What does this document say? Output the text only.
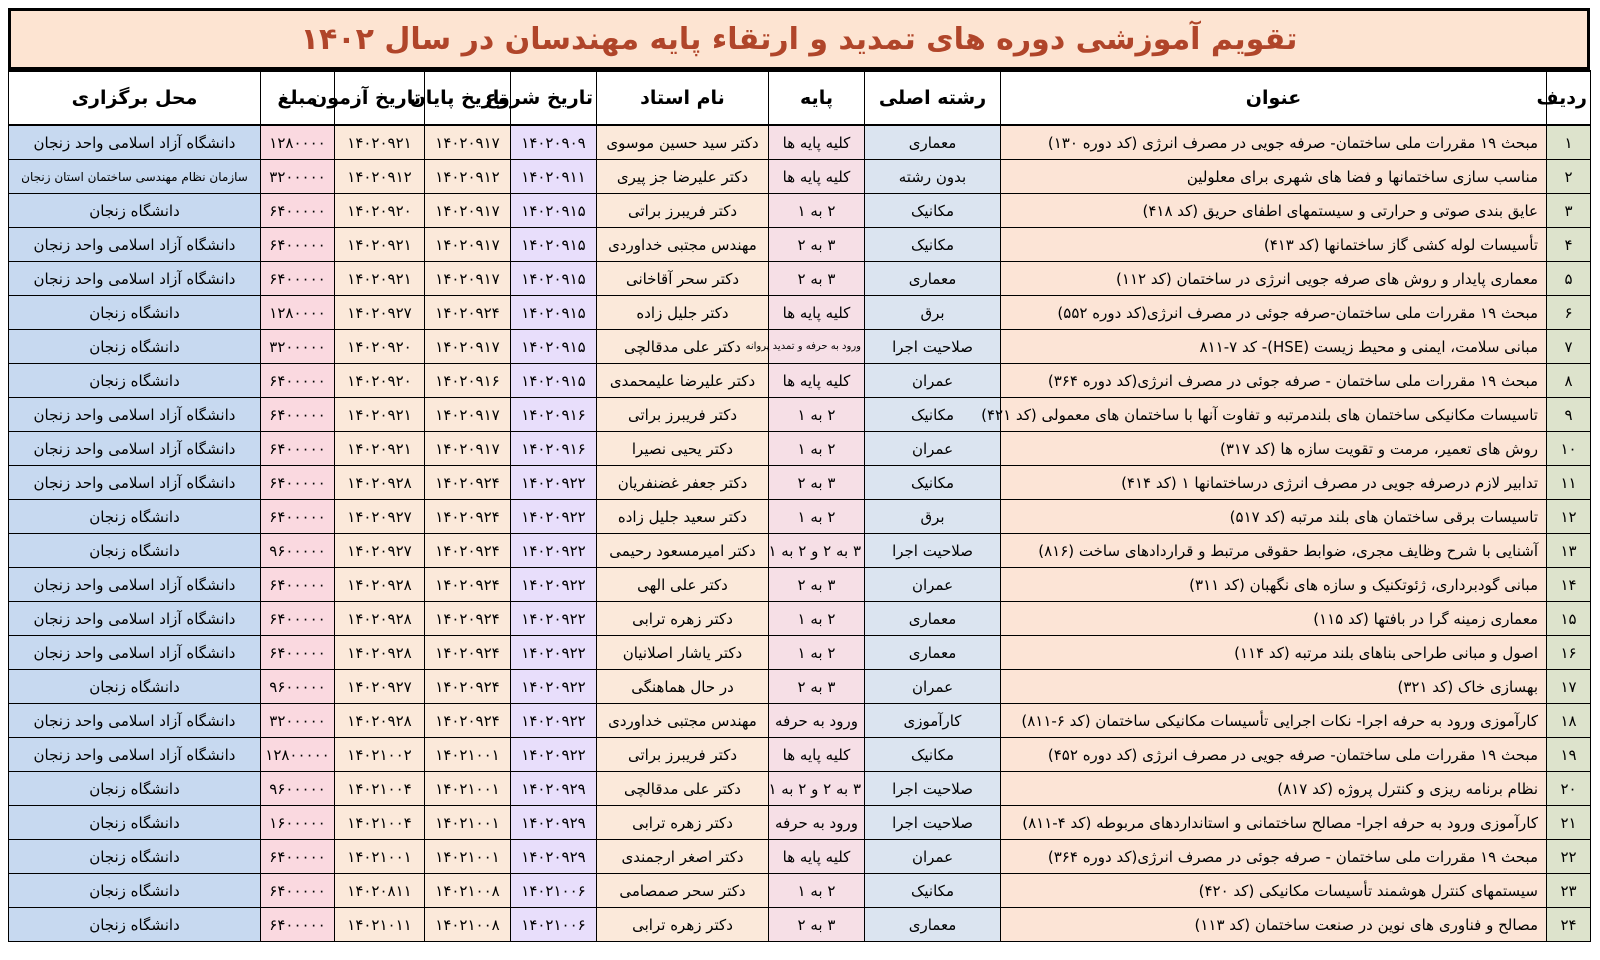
تقویم آموزشی دوره های تمدید و ارتقاء پایه مهندسان در سال ۱۴۰۲
ردیف	عنوان	رشته اصلی	پایه	نام استاد	تاریخ شروع	تاریخ پایان	تاریخ آزمون	مبلغ	محل برگزاری
۱	مبحث ۱۹ مقررات ملی ساختمان- صرفه جویی در مصرف انرژی (کد دوره ۱۳۰)	معماری	کلیه پایه ها	دکتر سید حسین موسوی	۱۴۰۲۰۹۰۹	۱۴۰۲۰۹۱۷	۱۴۰۲۰۹۲۱	۱۲۸۰۰۰۰	دانشگاه آزاد اسلامی واحد زنجان
۲	مناسب سازی ساختمانها و فضا های شهری برای معلولین	بدون رشته	کلیه پایه ها	دکتر علیرضا جز پیری	۱۴۰۲۰۹۱۱	۱۴۰۲۰۹۱۲	۱۴۰۲۰۹۱۲	۳۲۰۰۰۰۰	سازمان نظام مهندسی ساختمان استان زنجان
۳	عایق بندی صوتی و حرارتی و سیستمهای اطفای حریق (کد ۴۱۸)	مکانیک	۲ به ۱	دکتر فریبرز براتی	۱۴۰۲۰۹۱۵	۱۴۰۲۰۹۱۷	۱۴۰۲۰۹۲۰	۶۴۰۰۰۰۰	دانشگاه زنجان
۴	تأسیسات لوله کشی گاز ساختمانها (کد ۴۱۳)	مکانیک	۳ به ۲	مهندس مجتبی خداوردی	۱۴۰۲۰۹۱۵	۱۴۰۲۰۹۱۷	۱۴۰۲۰۹۲۱	۶۴۰۰۰۰۰	دانشگاه آزاد اسلامی واحد زنجان
۵	معماری پایدار و روش های صرفه جویی انرژی در ساختمان (کد ۱۱۲)	معماری	۳ به ۲	دکتر سحر آقاخانی	۱۴۰۲۰۹۱۵	۱۴۰۲۰۹۱۷	۱۴۰۲۰۹۲۱	۶۴۰۰۰۰۰	دانشگاه آزاد اسلامی واحد زنجان
۶	مبحث ۱۹ مقررات ملی ساختمان-صرفه جوئی در مصرف انرژی(کد دوره ۵۵۲)	برق	کلیه پایه ها	دکتر جلیل زاده	۱۴۰۲۰۹۱۵	۱۴۰۲۰۹۲۴	۱۴۰۲۰۹۲۷	۱۲۸۰۰۰۰	دانشگاه زنجان
۷	مبانی سلامت، ایمنی و محیط زیست (HSE)- کد ۷-۸۱۱	صلاحیت اجرا	ورود به حرفه و تمدید پروانه	دکتر علی مدقالچی	۱۴۰۲۰۹۱۵	۱۴۰۲۰۹۱۷	۱۴۰۲۰۹۲۰	۳۲۰۰۰۰۰	دانشگاه زنجان
۸	مبحث ۱۹ مقررات ملی ساختمان - صرفه جوئی در مصرف انرژی(کد دوره ۳۶۴)	عمران	کلیه پایه ها	دکتر علیرضا علیمحمدی	۱۴۰۲۰۹۱۵	۱۴۰۲۰۹۱۶	۱۴۰۲۰۹۲۰	۶۴۰۰۰۰۰	دانشگاه زنجان
۹	تاسیسات مکانیکی ساختمان های بلندمرتبه و تفاوت آنها با ساختمان های معمولی (کد ۴۲۱)	مکانیک	۲ به ۱	دکتر فریبرز براتی	۱۴۰۲۰۹۱۶	۱۴۰۲۰۹۱۷	۱۴۰۲۰۹۲۱	۶۴۰۰۰۰۰	دانشگاه آزاد اسلامی واحد زنجان
۱۰	روش های تعمیر، مرمت و تقویت سازه ها (کد ۳۱۷)	عمران	۲ به ۱	دکتر یحیی نصیرا	۱۴۰۲۰۹۱۶	۱۴۰۲۰۹۱۷	۱۴۰۲۰۹۲۱	۶۴۰۰۰۰۰	دانشگاه آزاد اسلامی واحد زنجان
۱۱	تدابیر لازم درصرفه جویی در مصرف انرژی درساختمانها ۱ (کد ۴۱۴)	مکانیک	۳ به ۲	دکتر جعفر غضنفریان	۱۴۰۲۰۹۲۲	۱۴۰۲۰۹۲۴	۱۴۰۲۰۹۲۸	۶۴۰۰۰۰۰	دانشگاه آزاد اسلامی واحد زنجان
۱۲	تاسیسات برقی ساختمان های بلند مرتبه (کد ۵۱۷)	برق	۲ به ۱	دکتر سعید جلیل زاده	۱۴۰۲۰۹۲۲	۱۴۰۲۰۹۲۴	۱۴۰۲۰۹۲۷	۶۴۰۰۰۰۰	دانشگاه زنجان
۱۳	آشنایی با شرح وظایف مجری، ضوابط حقوقی مرتبط و قراردادهای ساخت (۸۱۶)	صلاحیت اجرا	۳ به ۲ و ۲ به ۱	دکتر امیرمسعود رحیمی	۱۴۰۲۰۹۲۲	۱۴۰۲۰۹۲۴	۱۴۰۲۰۹۲۷	۹۶۰۰۰۰۰	دانشگاه زنجان
۱۴	مبانی گودبرداری، ژئوتکنیک و سازه های نگهبان (کد ۳۱۱)	عمران	۳ به ۲	دکتر علی الهی	۱۴۰۲۰۹۲۲	۱۴۰۲۰۹۲۴	۱۴۰۲۰۹۲۸	۶۴۰۰۰۰۰	دانشگاه آزاد اسلامی واحد زنجان
۱۵	معماری زمینه گرا در بافتها (کد ۱۱۵)	معماری	۲ به ۱	دکتر زهره ترابی	۱۴۰۲۰۹۲۲	۱۴۰۲۰۹۲۴	۱۴۰۲۰۹۲۸	۶۴۰۰۰۰۰	دانشگاه آزاد اسلامی واحد زنجان
۱۶	اصول و مبانی طراحی بناهای بلند مرتبه (کد ۱۱۴)	معماری	۲ به ۱	دکتر یاشار اصلانیان	۱۴۰۲۰۹۲۲	۱۴۰۲۰۹۲۴	۱۴۰۲۰۹۲۸	۶۴۰۰۰۰۰	دانشگاه آزاد اسلامی واحد زنجان
۱۷	بهسازی خاک (کد ۳۲۱)	عمران	۳ به ۲	در حال هماهنگی	۱۴۰۲۰۹۲۲	۱۴۰۲۰۹۲۴	۱۴۰۲۰۹۲۷	۹۶۰۰۰۰۰	دانشگاه زنجان
۱۸	کارآموزی ورود به حرفه اجرا- نکات اجرایی تأسیسات مکانیکی ساختمان (کد ۶-۸۱۱)	کارآموزی	ورود به حرفه	مهندس مجتبی خداوردی	۱۴۰۲۰۹۲۲	۱۴۰۲۰۹۲۴	۱۴۰۲۰۹۲۸	۳۲۰۰۰۰۰	دانشگاه آزاد اسلامی واحد زنجان
۱۹	مبحث ۱۹ مقررات ملی ساختمان- صرفه جویی در مصرف انرژی (کد دوره ۴۵۲)	مکانیک	کلیه پایه ها	دکتر فریبرز براتی	۱۴۰۲۰۹۲۲	۱۴۰۲۱۰۰۱	۱۴۰۲۱۰۰۲	۱۲۸۰۰۰۰۰	دانشگاه آزاد اسلامی واحد زنجان
۲۰	نظام برنامه ریزی و کنترل پروژه (کد ۸۱۷)	صلاحیت اجرا	۳ به ۲ و ۲ به ۱	دکتر علی مدقالچی	۱۴۰۲۰۹۲۹	۱۴۰۲۱۰۰۱	۱۴۰۲۱۰۰۴	۹۶۰۰۰۰۰	دانشگاه زنجان
۲۱	کارآموزی ورود به حرفه اجرا- مصالح ساختمانی و استانداردهای مربوطه (کد ۴-۸۱۱)	صلاحیت اجرا	ورود به حرفه	دکتر زهره ترابی	۱۴۰۲۰۹۲۹	۱۴۰۲۱۰۰۱	۱۴۰۲۱۰۰۴	۱۶۰۰۰۰۰	دانشگاه زنجان
۲۲	مبحث ۱۹ مقررات ملی ساختمان - صرفه جوئی در مصرف انرژی(کد دوره ۳۶۴)	عمران	کلیه پایه ها	دکتر اصغر ارجمندی	۱۴۰۲۰۹۲۹	۱۴۰۲۱۰۰۱	۱۴۰۲۱۰۰۱	۶۴۰۰۰۰۰	دانشگاه زنجان
۲۳	سیستمهای کنترل هوشمند تأسیسات مکانیکی (کد ۴۲۰)	مکانیک	۲ به ۱	دکتر سحر صمصامی	۱۴۰۲۱۰۰۶	۱۴۰۲۱۰۰۸	۱۴۰۲۰۸۱۱	۶۴۰۰۰۰۰	دانشگاه زنجان
۲۴	مصالح و فناوری های نوین در صنعت ساختمان (کد ۱۱۳)	معماری	۳ به ۲	دکتر زهره ترابی	۱۴۰۲۱۰۰۶	۱۴۰۲۱۰۰۸	۱۴۰۲۱۰۱۱	۶۴۰۰۰۰۰	دانشگاه زنجان
